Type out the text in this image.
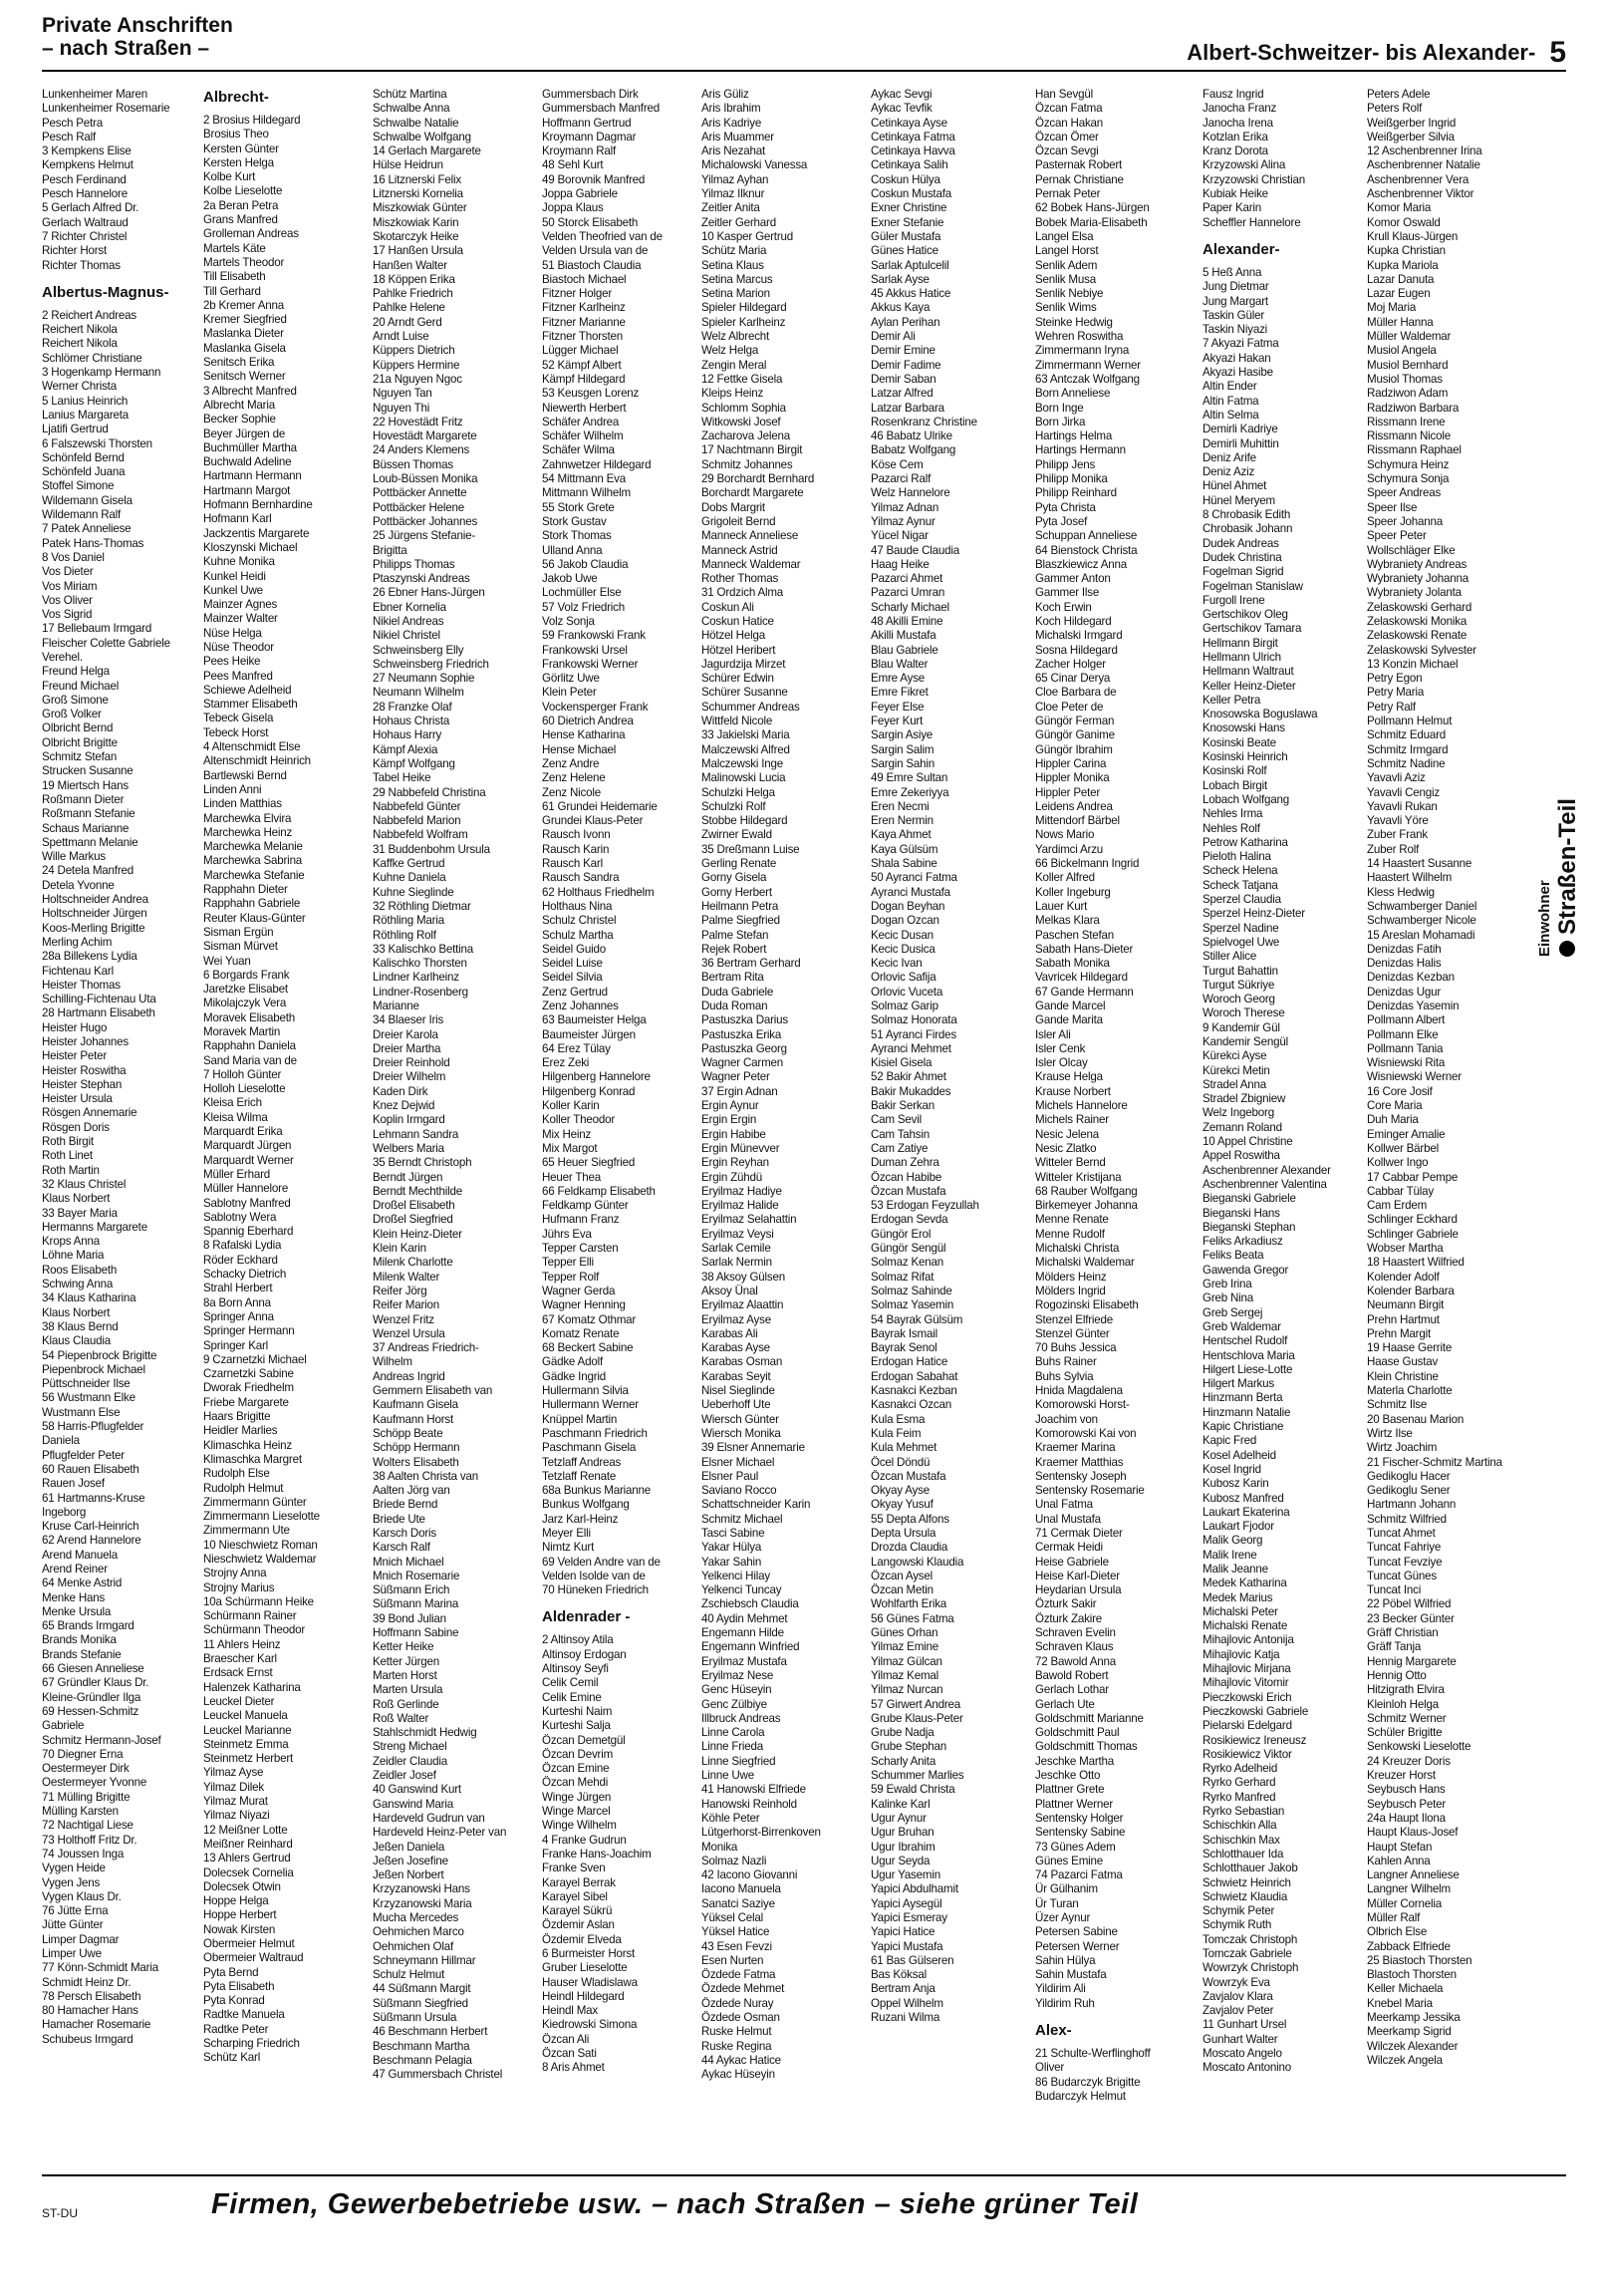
Private Anschriften
– nach Straßen –	Albert-Schweitzer- bis Alexander- 5
Lunkenheimer Maren
Lunkenheimer Rosemarie
Pesch Petra
Pesch Ralf
3 Kempkens Elise
Kempkens Helmut
Pesch Ferdinand
Pesch Hannelore
5 Gerlach Alfred Dr.
Gerlach Waltraud
7 Richter Christel
Richter Horst
Richter Thomas
Albertus-Magnus-
2 Reichert Andreas
Reichert Nikola
Reichert Nikola
Schlömer Christiane
3 Hogenkamp Hermann
Werner Christa
5 Lanius Heinrich
Lanius Margareta
Ljatifi Gertrud
6 Falszewski Thorsten
Schönfeld Bernd
Schönfeld Juana
Stoffel Simone
Wildemann Gisela
Wildemann Ralf
7 Patek Anneliese
Patek Hans-Thomas
8 Vos Daniel
Vos Dieter
Vos Miriam
Vos Oliver
Vos Sigrid
17 Bellebaum Irmgard
Fleischer Colette Gabriele
Verehel.
Freund Helga
Freund Michael
Groß Simone
Groß Volker
Olbricht Bernd
Olbricht Brigitte
Schmitz Stefan
Strucken Susanne
19 Miertsch Hans
Roßmann Dieter
Roßmann Stefanie
Schaus Marianne
Spettmann Melanie
Wille Markus
24 Detela Manfred
Detela Yvonne
Holtschneider Andrea
Holtschneider Jürgen
Koos-Merling Brigitte
Merling Achim
28a Billekens Lydia
Fichtenau Karl
Heister Thomas
Schilling-Fichtenau Uta
28 Hartmann Elisabeth
Heister Hugo
Heister Johannes
Heister Peter
Heister Roswitha
Heister Stephan
Heister Ursula
Rösgen Annemarie
Rösgen Doris
Roth Birgit
Roth Linet
Roth Martin
32 Klaus Christel
Klaus Norbert
33 Bayer Maria
Hermanns Margarete
Krops Anna
Löhne Maria
Roos Elisabeth
Schwing Anna
34 Klaus Katharina
Klaus Norbert
38 Klaus Bernd
Klaus Claudia
54 Piepenbrock Brigitte
Piepenbrock Michael
Püttschneider Ilse
56 Wustmann Elke
Wustmann Else
58 Harris-Pflugfelder
Daniela
Pflugfelder Peter
60 Rauen Elisabeth
Rauen Josef
61 Hartmanns-Kruse
Ingeborg
Kruse Carl-Heinrich
62 Arend Hannelore
Arend Manuela
Arend Reiner
64 Menke Astrid
Menke Hans
Menke Ursula
65 Brands Irmgard
Brands Monika
Brands Stefanie
66 Giesen Anneliese
67 Gründler Klaus Dr.
Kleine-Gründler Ilga
69 Hessen-Schmitz
Gabriele
Schmitz Hermann-Josef
70 Diegner Erna
Oestermeyer Dirk
Oestermeyer Yvonne
71 Mülling Brigitte
Mülling Karsten
72 Nachtigal Liese
73 Holthoff Fritz Dr.
74 Joussen Inga
Vygen Heide
Vygen Jens
Vygen Klaus Dr.
76 Jütte Erna
Jütte Günter
Limper Dagmar
Limper Uwe
77 Könn-Schmidt Maria
Schmidt Heinz Dr.
78 Persch Elisabeth
80 Hamacher Hans
Hamacher Rosemarie
Schubeus Irmgard
Albrecht-
2 Brosius Hildegard
Brosius Theo
Kersten Günter
Kersten Helga
Kolbe Kurt
Kolbe Lieselotte
2a Beran Petra
Grans Manfred
Grolleman Andreas
Martels Käte
Martels Theodor
Till Elisabeth
Till Gerhard
2b Kremer Anna
Kremer Siegfried
Maslanka Dieter
Maslanka Gisela
Senitsch Erika
Senitsch Werner
3 Albrecht Manfred
Albrecht Maria
Becker Sophie
Beyer Jürgen de
Buchmüller Martha
Buchwald Adeline
Hartmann Hermann
Hartmann Margot
Hofmann Bernhardine
Hofmann Karl
Jackzentis Margarete
Kloszynski Michael
Kuhne Monika
Kunkel Heidi
Kunkel Uwe
Mainzer Agnes
Mainzer Walter
Nüse Helga
Nüse Theodor
Pees Heike
Pees Manfred
Schiewe Adelheid
Stammer Elisabeth
Tebeck Gisela
Tebeck Horst
4 Altenschmidt Else
Altenschmidt Heinrich
Bartlewski Bernd
Linden Anni
Linden Matthias
Marchewka Elvira
Marchewka Heinz
Marchewka Melanie
Marchewka Sabrina
Marchewka Stefanie
Rapphahn Dieter
Rapphahn Gabriele
Reuter Klaus-Günter
Sisman Ergün
Sisman Mürvet
Wei Yuan
6 Borgards Frank
Jaretzke Elisabet
Mikolajczyk Vera
Moravek Elisabeth
Moravek Martin
Rapphahn Daniela
Sand Maria van de
7 Holloh Günter
Holloh Lieselotte
Kleisa Erich
Kleisa Wilma
Marquardt Erika
Marquardt Jürgen
Marquardt Werner
Müller Erhard
Müller Hannelore
Sablotny Manfred
Sablotny Wera
Spannig Eberhard
8 Rafalski Lydia
Röder Eckhard
Schacky Dietrich
Strahl Herbert
8a Born Anna
Springer Anna
Springer Hermann
Springer Karl
9 Czarnetzki Michael
Czarnetzki Sabine
Dworak Friedhelm
Friebe Margarete
Haars Brigitte
Heidler Marlies
Klimaschka Heinz
Klimaschka Margret
Rudolph Else
Rudolph Helmut
Zimmermann Günter
Zimmermann Lieselotte
Zimmermann Ute
10 Nieschwietz Roman
Nieschwietz Waldemar
Strojny Anna
Strojny Marius
10a Schürmann Heike
Schürmann Rainer
Schürmann Theodor
11 Ahlers Heinz
Braescher Karl
Erdsack Ernst
Halenzek Katharina
Leuckel Dieter
Leuckel Manuela
Leuckel Marianne
Steinmetz Emma
Steinmetz Herbert
Yilmaz Ayse
Yilmaz Dilek
Yilmaz Murat
Yilmaz Niyazi
12 Meißner Lotte
Meißner Reinhard
13 Ahlers Gertrud
Dolecsek Cornelia
Dolecsek Otwin
Hoppe Helga
Hoppe Herbert
Nowak Kirsten
Obermeier Helmut
Obermeier Waltraud
Pyta Bernd
Pyta Elisabeth
Pyta Konrad
Radtke Manuela
Radtke Peter
Scharping Friedrich
Schütz Karl
Schütz Martina
Schwalbe Anna
Schwalbe Natalie
Schwalbe Wolfgang
14 Gerlach Margarete
Hülse Heidrun
16 Litznerski Felix
Litznerski Kornelia
Miszkowiak Günter
Miszkowiak Karin
Skotarczyk Heike
17 Hanßen Ursula
Hanßen Walter
18 Köppen Erika
Pahlke Friedrich
Pahlke Helene
20 Arndt Gerd
Arndt Luise
Küppers Dietrich
Küppers Hermine
21a Nguyen Ngoc
Nguyen Tan
Nguyen Thi
22 Hovestädt Fritz
Hovestädt Margarete
24 Anders Klemens
Büssen Thomas
Loub-Büssen Monika
Pottbäcker Annette
Pottbäcker Helene
Pottbäcker Johannes
25 Jürgens Stefanie-
Brigitta
Philipps Thomas
Ptaszynski Andreas
26 Ebner Hans-Jürgen
Ebner Kornelia
Nikiel Andreas
Nikiel Christel
Schweinsberg Elly
Schweinsberg Friedrich
27 Neumann Sophie
Neumann Wilhelm
28 Franzke Olaf
Hohaus Christa
Hohaus Harry
Kämpf Alexia
Kämpf Wolfgang
Tabel Heike
29 Nabbefeld Christina
Nabbefeld Günter
Nabbefeld Marion
Nabbefeld Wolfram
31 Buddenbohm Ursula
Kaffke Gertrud
Kuhne Daniela
Kuhne Sieglinde
32 Röthling Dietmar
Röthling Maria
Röthling Rolf
33 Kalischko Bettina
Kalischko Thorsten
Lindner Karlheinz
Lindner-Rosenberg
Marianne
34 Blaeser Iris
Dreier Karola
Dreier Martha
Dreier Reinhold
Dreier Wilhelm
Kaden Dirk
Knez Dejwid
Koplin Irmgard
Lehmann Sandra
Welbers Maria
35 Berndt Christoph
Berndt Jürgen
Berndt Mechthilde
Droßel Elisabeth
Droßel Siegfried
Klein Heinz-Dieter
Klein Karin
Milenk Charlotte
Milenk Walter
Reifer Jörg
Reifer Marion
Wenzel Fritz
Wenzel Ursula
37 Andreas Friedrich-
Wilhelm
Andreas Ingrid
Gemmern Elisabeth van
Kaufmann Gisela
Kaufmann Horst
Schöpp Beate
Schöpp Hermann
Wolters Elisabeth
38 Aalten Christa van
Aalten Jörg van
Briede Bernd
Briede Ute
Karsch Doris
Karsch Ralf
Mnich Michael
Mnich Rosemarie
Süßmann Erich
Süßmann Marina
39 Bond Julian
Hoffmann Sabine
Ketter Heike
Ketter Jürgen
Marten Horst
Marten Ursula
Roß Gerlinde
Roß Walter
Stahlschmidt Hedwig
Streng Michael
Zeidler Claudia
Zeidler Josef
40 Ganswind Kurt
Ganswind Maria
Hardeveld Gudrun van
Hardeveld Heinz-Peter van
Jeßen Daniela
Jeßen Josefine
Jeßen Norbert
Krzyzanowski Hans
Krzyzanowski Maria
Mucha Mercedes
Oehmichen Marco
Oehmichen Olaf
Schneymann Hillmar
Schulz Helmut
44 Süßmann Margit
Süßmann Siegfried
Süßmann Ursula
46 Beschmann Herbert
Beschmann Martha
Beschmann Pelagia
47 Gummersbach Christel
Gummersbach Dirk
Gummersbach Manfred
Hoffmann Gertrud
Kroymann Dagmar
Kroymann Ralf
48 Sehl Kurt
49 Borovnik Manfred
Joppa Gabriele
Joppa Klaus
50 Storck Elisabeth
Velden Theofried van de
Velden Ursula van de
51 Biastoch Claudia
Biastoch Michael
Fitzner Holger
Fitzner Karlheinz
Fitzner Marianne
Fitzner Thorsten
Lügger Michael
52 Kämpf Albert
Kämpf Hildegard
53 Keusgen Lorenz
Niewerth Herbert
Schäfer Andrea
Schäfer Wilhelm
Schäfer Wilma
Zahnwetzer Hildegard
54 Mittmann Eva
Mittmann Wilhelm
55 Stork Grete
Stork Gustav
Stork Thomas
Ulland Anna
56 Jakob Claudia
Jakob Uwe
Lochmüller Else
57 Volz Friedrich
Volz Sonja
59 Frankowski Frank
Frankowski Ursel
Frankowski Werner
Görlitz Uwe
Klein Peter
Vockensperger Frank
60 Dietrich Andrea
Hense Katharina
Hense Michael
Zenz Andre
Zenz Helene
Zenz Nicole
61 Grundei Heidemarie
Grundei Klaus-Peter
Rausch Ivonn
Rausch Karin
Rausch Karl
Rausch Sandra
62 Holthaus Friedhelm
Holthaus Nina
Schulz Christel
Schulz Martha
Seidel Guido
Seidel Luise
Seidel Silvia
Zenz Gertrud
Zenz Johannes
63 Baumeister Helga
Baumeister Jürgen
64 Erez Tülay
Erez Zeki
Hilgenberg Hannelore
Hilgenberg Konrad
Koller Karin
Koller Theodor
Mix Heinz
Mix Margot
65 Heuer Siegfried
Heuer Thea
66 Feldkamp Elisabeth
Feldkamp Günter
Hufmann Franz
Jührs Eva
Tepper Carsten
Tepper Elli
Tepper Rolf
Wagner Gerda
Wagner Henning
67 Komatz Othmar
Komatz Renate
68 Beckert Sabine
Gädke Adolf
Gädke Ingrid
Hullermann Silvia
Hullermann Werner
Knüppel Martin
Paschmann Friedrich
Paschmann Gisela
Tetzlaff Andreas
Tetzlaff Renate
68a Bunkus Marianne
Bunkus Wolfgang
Jarz Karl-Heinz
Meyer Elli
Nimtz Kurt
69 Velden Andre van de
Velden Isolde van de
70 Hüneken Friedrich
Aldenrader -
2 Altinsoy Atila
Altinsoy Erdogan
Altinsoy Seyfi
Celik Cemil
Celik Emine
Kurteshi Naim
Kurteshi Salja
Özcan Demetgül
Özcan Devrim
Özcan Emine
Özcan Mehdi
Winge Jürgen
Winge Marcel
Winge Wilhelm
4 Franke Gudrun
Franke Hans-Joachim
Franke Sven
Karayel Berrak
Karayel Sibel
Karayel Sükrü
Özdemir Aslan
Özdemir Elveda
6 Burmeister Horst
Gruber Lieselotte
Hauser Wladislawa
Heindl Hildegard
Heindl Max
Kiedrowski Simona
Özcan Ali
Özcan Sati
8 Aris Ahmet
Aris Güliz
Aris Ibrahim
Aris Kadriye
Aris Muammer
Aris Nezahat
Michalowski Vanessa
Yilmaz Ayhan
Yilmaz Ilknur
Zeitler Anita
Zeitler Gerhard
10 Kasper Gertrud
Schütz Maria
Setina Klaus
Setina Marcus
Setina Marion
Spieler Hildegard
Spieler Karlheinz
Welz Albrecht
Welz Helga
Zengin Meral
12 Fettke Gisela
Kleips Heinz
Schlomm Sophia
Witkowski Josef
Zacharova Jelena
17 Nachtmann Birgit
Schmitz Johannes
29 Borchardt Bernhard
Borchardt Margarete
Dobs Margrit
Grigoleit Bernd
Manneck Anneliese
Manneck Astrid
Manneck Waldemar
Rother Thomas
31 Ordzich Alma
Coskun Ali
Coskun Hatice
Hötzel Helga
Hötzel Heribert
Jagurdzija Mirzet
Schürer Edwin
Schürer Susanne
Schummer Andreas
Wittfeld Nicole
33 Jakielski Maria
Malczewski Alfred
Malczewski Inge
Malinowski Lucia
Schulzki Helga
Schulzki Rolf
Stobbe Hildegard
Zwirner Ewald
35 Dreßmann Luise
Gerling Renate
Gorny Gisela
Gorny Herbert
Heilmann Petra
Palme Siegfried
Palme Stefan
Rejek Robert
36 Bertram Gerhard
Bertram Rita
Duda Gabriele
Duda Roman
Pastuszka Darius
Pastuszka Erika
Pastuszka Georg
Wagner Carmen
Wagner Peter
37 Ergin Adnan
Ergin Aynur
Ergin Ergin
Ergin Habibe
Ergin Münevver
Ergin Reyhan
Ergin Zühdü
Eryilmaz Hadiye
Eryilmaz Halide
Eryilmaz Selahattin
Eryilmaz Veysi
Sarlak Cemile
Sarlak Nermin
38 Aksoy Gülsen
Aksoy Ünal
Eryilmaz Alaattin
Eryilmaz Ayse
Karabas Ali
Karabas Ayse
Karabas Osman
Karabas Seyit
Nisel Sieglinde
Ueberhoff Ute
Wiersch Günter
Wiersch Monika
39 Elsner Annemarie
Elsner Michael
Elsner Paul
Saviano Rocco
Schattschneider Karin
Schmitz Michael
Tasci Sabine
Yakar Hülya
Yakar Sahin
Yelkenci Hilay
Yelkenci Tuncay
Zschiebsch Claudia
40 Aydin Mehmet
Engemann Hilde
Engemann Winfried
Eryilmaz Mustafa
Eryilmaz Nese
Genc Hüseyin
Genc Zülbiye
Illbruck Andreas
Linne Carola
Linne Frieda
Linne Siegfried
Linne Uwe
41 Hanowski Elfriede
Hanowski Reinhold
Köhle Peter
Lütgerhorst-Birrenkoven
Monika
Solmaz Nazli
42 Iacono Giovanni
Iacono Manuela
Sanatci Saziye
Yüksel Celal
Yüksel Hatice
43 Esen Fevzi
Esen Nurten
Özdede Fatma
Özdede Mehmet
Özdede Nuray
Özdede Osman
Ruske Helmut
Ruske Regina
44 Aykac Hatice
Aykac Hüseyin
Aykac Sevgi
Aykac Tevfik
Cetinkaya Ayse
Cetinkaya Fatma
Cetinkaya Havva
Cetinkaya Salih
Coskun Hülya
Coskun Mustafa
Exner Christine
Exner Stefanie
Güler Mustafa
Günes Hatice
Sarlak Aptulcelil
Sarlak Ayse
45 Akkus Hatice
Akkus Kaya
Aylan Perihan
Demir Ali
Demir Emine
Demir Fadime
Demir Saban
Latzar Alfred
Latzar Barbara
Rosenkranz Christine
46 Babatz Ulrike
Babatz Wolfgang
Köse Cem
Pazarci Ralf
Welz Hannelore
Yilmaz Adnan
Yilmaz Aynur
Yücel Nigar
47 Baude Claudia
Haag Heike
Pazarci Ahmet
Pazarci Umran
Scharly Michael
48 Akilli Emine
Akilli Mustafa
Blau Gabriele
Blau Walter
Emre Ayse
Emre Fikret
Feyer Else
Feyer Kurt
Sargin Asiye
Sargin Salim
Sargin Sahin
49 Emre Sultan
Emre Zekeriyya
Eren Necmi
Eren Nermin
Kaya Ahmet
Kaya Gülsüm
Shala Sabine
50 Ayranci Fatma
Ayranci Mustafa
Dogan Beyhan
Dogan Ozcan
Kecic Dusan
Kecic Dusica
Kecic Ivan
Orlovic Safija
Orlovic Vuceta
Solmaz Garip
Solmaz Honorata
51 Ayranci Firdes
Ayranci Mehmet
Kisiel Gisela
52 Bakir Ahmet
Bakir Mukaddes
Bakir Serkan
Cam Sevil
Cam Tahsin
Cam Zatiye
Duman Zehra
Özcan Habibe
Özcan Mustafa
53 Erdogan Feyzullah
Erdogan Sevda
Güngör Erol
Güngör Sengül
Solmaz Kenan
Solmaz Rifat
Solmaz Sahinde
Solmaz Yasemin
54 Bayrak Gülsüm
Bayrak Ismail
Bayrak Senol
Erdogan Hatice
Erdogan Sabahat
Kasnakci Kezban
Kasnakci Ozcan
Kula Esma
Kula Feim
Kula Mehmet
Öcel Döndü
Özcan Mustafa
Okyay Ayse
Okyay Yusuf
55 Depta Alfons
Depta Ursula
Drozda Claudia
Langowski Klaudia
Özcan Aysel
Özcan Metin
Wohlfarth Erika
56 Günes Fatma
Günes Orhan
Yilmaz Emine
Yilmaz Gülcan
Yilmaz Kemal
Yilmaz Nurcan
57 Girwert Andrea
Grube Klaus-Peter
Grube Nadja
Grube Stephan
Scharly Anita
Schummer Marlies
59 Ewald Christa
Kalinke Karl
Ugur Aynur
Ugur Bruhan
Ugur Ibrahim
Ugur Seyda
Ugur Yasemin
Yapici Abdulhamit
Yapici Aysegül
Yapici Esmeray
Yapici Hatice
Yapici Mustafa
61 Bas Gülseren
Bas Köksal
Bertram Anja
Oppel Wilhelm
Ruzani Wilma
Han Sevgül
Özcan Fatma
Özcan Hakan
Özcan Ömer
Özcan Sevgi
Pasternak Robert
Pernak Christiane
Pernak Peter
62 Bobek Hans-Jürgen
Bobek Maria-Elisabeth
Langel Elsa
Langel Horst
Senlik Adem
Senlik Musa
Senlik Nebiye
Senlik Wims
Steinke Hedwig
Wehren Roswitha
Zimmermann Iryna
Zimmermann Werner
63 Antczak Wolfgang
Born Anneliese
Born Inge
Born Jirka
Hartings Helma
Hartings Hermann
Philipp Jens
Philipp Monika
Philipp Reinhard
Pyta Christa
Pyta Josef
Schuppan Anneliese
64 Bienstock Christa
Blaszkiewicz Anna
Gammer Anton
Gammer Ilse
Koch Erwin
Koch Hildegard
Michalski Irmgard
Sosna Hildegard
Zacher Holger
65 Cinar Derya
Cloe Barbara de
Cloe Peter de
Güngör Ferman
Güngör Ganime
Güngör Ibrahim
Hippler Carina
Hippler Monika
Hippler Peter
Leidens Andrea
Mittendorf Bärbel
Nows Mario
Yardimci Arzu
66 Bickelmann Ingrid
Koller Alfred
Koller Ingeburg
Lauer Kurt
Melkas Klara
Paschen Stefan
Sabath Hans-Dieter
Sabath Monika
Vavricek Hildegard
67 Gande Hermann
Gande Marcel
Gande Marita
Isler Ali
Isler Cenk
Isler Olcay
Krause Helga
Krause Norbert
Michels Hannelore
Michels Rainer
Nesic Jelena
Nesic Zlatko
Witteler Bernd
Witteler Kristijana
68 Rauber Wolfgang
Birkemeyer Johanna
Menne Renate
Menne Rudolf
Michalski Christa
Michalski Waldemar
Mölders Heinz
Mölders Ingrid
Rogozinski Elisabeth
Stenzel Elfriede
Stenzel Günter
70 Buhs Jessica
Buhs Rainer
Buhs Sylvia
Hnida Magdalena
Komorowski Horst-
Joachim von
Komorowski Kai von
Kraemer Marina
Kraemer Matthias
Sentensky Joseph
Sentensky Rosemarie
Unal Fatma
Unal Mustafa
71 Cermak Dieter
Cermak Heidi
Heise Gabriele
Heise Karl-Dieter
Heydarian Ursula
Özturk Sakir
Özturk Zakire
Schraven Evelin
Schraven Klaus
72 Bawold Anna
Bawold Robert
Gerlach Lothar
Gerlach Ute
Goldschmitt Marianne
Goldschmitt Paul
Goldschmitt Thomas
Jeschke Martha
Jeschke Otto
Plattner Grete
Plattner Werner
Sentensky Holger
Sentensky Sabine
73 Günes Adem
Günes Emine
74 Pazarci Fatma
Ür Gülhanim
Ür Turan
Üzer Aynur
Petersen Sabine
Petersen Werner
Sahin Hülya
Sahin Mustafa
Yildirim Ali
Yildirim Ruh
Alex-
21 Schulte-Werflinghoff
Oliver
86 Budarczyk Brigitte
Budarczyk Helmut
Fausz Ingrid
Janocha Franz
Janocha Irena
Kotzlan Erika
Kranz Dorota
Krzyzowski Alina
Krzyzowski Christian
Kubiak Heike
Paper Karin
Scheffler Hannelore
Alexander-
5 Heß Anna
Jung Dietmar
Jung Margart
Taskin Güler
Taskin Niyazi
7 Akyazi Fatma
Akyazi Hakan
Akyazi Hasibe
Altin Ender
Altin Fatma
Altin Selma
Demirli Kadriye
Demirli Muhittin
Deniz Arife
Deniz Aziz
Hünel Ahmet
Hünel Meryem
8 Chrobasik Edith
Chrobasik Johann
Dudek Andreas
Dudek Christina
Fogelman Sigrid
Fogelman Stanislaw
Furgoll Irene
Gertschikov Oleg
Gertschikov Tamara
Hellmann Birgit
Hellmann Ulrich
Hellmann Waltraut
Keller Heinz-Dieter
Keller Petra
Knosowska Boguslawa
Knosowski Hans
Kosinski Beate
Kosinski Heinrich
Kosinski Rolf
Lobach Birgit
Lobach Wolfgang
Nehles Irma
Nehles Rolf
Petrow Katharina
Pieloth Halina
Scheck Helena
Scheck Tatjana
Sperzel Claudia
Sperzel Heinz-Dieter
Sperzel Nadine
Spielvogel Uwe
Stiller Alice
Turgut Bahattin
Turgut Sükriye
Woroch Georg
Woroch Therese
9 Kandemir Gül
Kandemir Sengül
Kürekci Ayse
Kürekci Metin
Stradel Anna
Stradel Zbigniew
Welz Ingeborg
Zemann Roland
10 Appel Christine
Appel Roswitha
Aschenbrenner Alexander
Aschenbrenner Valentina
Bieganski Gabriele
Bieganski Hans
Bieganski Stephan
Feliks Arkadiusz
Feliks Beata
Gawenda Gregor
Greb Irina
Greb Nina
Greb Sergej
Greb Waldemar
Hentschel Rudolf
Hentschlova Maria
Hilgert Liese-Lotte
Hilgert Markus
Hinzmann Berta
Hinzmann Natalie
Kapic Christiane
Kapic Fred
Kosel Adelheid
Kosel Ingrid
Kubosz Karin
Kubosz Manfred
Laukart Ekaterina
Laukart Fjodor
Malik Georg
Malik Irene
Malik Jeanne
Medek Katharina
Medek Marius
Michalski Peter
Michalski Renate
Mihajlovic Antonija
Mihajlovic Katja
Mihajlovic Mirjana
Mihajlovic Vitomir
Pieczkowski Erich
Pieczkowski Gabriele
Pielarski Edelgard
Rosikiewicz Ireneusz
Rosikiewicz Viktor
Ryrko Adelheid
Ryrko Gerhard
Ryrko Manfred
Ryrko Sebastian
Schischkin Alla
Schischkin Max
Schlotthauer Ida
Schlotthauer Jakob
Schwietz Heinrich
Schwietz Klaudia
Schymik Peter
Schymik Ruth
Tomczak Christoph
Tomczak Gabriele
Wowrzyk Christoph
Wowrzyk Eva
Zavjalov Klara
Zavjalov Peter
11 Gunhart Ursel
Gunhart Walter
Moscato Angelo
Moscato Antonino
Peters Adele
Peters Rolf
Weißgerber Ingrid
Weißgerber Silvia
12 Aschenbrenner Irina
Aschenbrenner Natalie
Aschenbrenner Vera
Aschenbrenner Viktor
Komor Maria
Komor Oswald
Krull Klaus-Jürgen
Kupka Christian
Kupka Mariola
Lazar Danuta
Lazar Eugen
Moj Maria
Müller Hanna
Müller Waldemar
Musiol Angela
Musiol Bernhard
Musiol Thomas
Radziwon Adam
Radziwon Barbara
Rissmann Irene
Rissmann Nicole
Rissmann Raphael
Schymura Heinz
Schymura Sonja
Speer Andreas
Speer Ilse
Speer Johanna
Speer Peter
Wollschläger Elke
Wybraniety Andreas
Wybraniety Johanna
Wybraniety Jolanta
Zelaskowski Gerhard
Zelaskowski Monika
Zelaskowski Renate
Zelaskowski Sylvester
13 Konzin Michael
Petry Egon
Petry Maria
Petry Ralf
Pollmann Helmut
Schmitz Eduard
Schmitz Irmgard
Schmitz Nadine
Yavavli Aziz
Yavavli Cengiz
Yavavli Rukan
Yavavli Yöre
Zuber Frank
Zuber Rolf
14 Haastert Susanne
Haastert Wilhelm
Kless Hedwig
Schwamberger Daniel
Schwamberger Nicole
15 Areslan Mohamadi
Denizdas Fatih
Denizdas Halis
Denizdas Kezban
Denizdas Ugur
Denizdas Yasemin
Pollmann Albert
Pollmann Elke
Pollmann Tania
Wisniewski Rita
Wisniewski Werner
16 Core Josif
Core Maria
Duh Maria
Eminger Amalie
Kollwer Bärbel
Kollwer Ingo
17 Cabbar Pempe
Cabbar Tülay
Cam Erdem
Schlinger Eckhard
Schlinger Gabriele
Wobser Martha
18 Haastert Wilfried
Kolender Adolf
Kolender Barbara
Neumann Birgit
Prehn Hartmut
Prehn Margit
19 Haase Gerrite
Haase Gustav
Klein Christine
Materla Charlotte
Schmitz Ilse
20 Basenau Marion
Wirtz Ilse
Wirtz Joachim
21 Fischer-Schmitz Martina
Gedikoglu Hacer
Gedikoglu Sener
Hartmann Johann
Schmitz Wilfried
Tuncat Ahmet
Tuncat Fahriye
Tuncat Fevziye
Tuncat Günes
Tuncat Inci
22 Pöbel Wilfried
23 Becker Günter
Gräff Christian
Gräff Tanja
Hennig Margarete
Hennig Otto
Hitzigrath Elvira
Kleinloh Helga
Schmitz Werner
Schüler Brigitte
Senkowski Lieselotte
24 Kreuzer Doris
Kreuzer Horst
Seybusch Hans
Seybusch Peter
24a Haupt Ilona
Haupt Klaus-Josef
Haupt Stefan
Kahlen Anna
Langner Anneliese
Langner Wilhelm
Müller Cornelia
Müller Ralf
Olbrich Else
Zabback Elfriede
25 Biastoch Thorsten
Blastoch Thorsten
Keller Michaela
Knebel Maria
Meerkamp Jessika
Meerkamp Sigrid
Wilczek Alexander
Wilczek Angela
Einwohner Straßen-Teil
ST-DU	Firmen, Gewerbebetriebe usw. – nach Straßen – siehe grüner Teil
